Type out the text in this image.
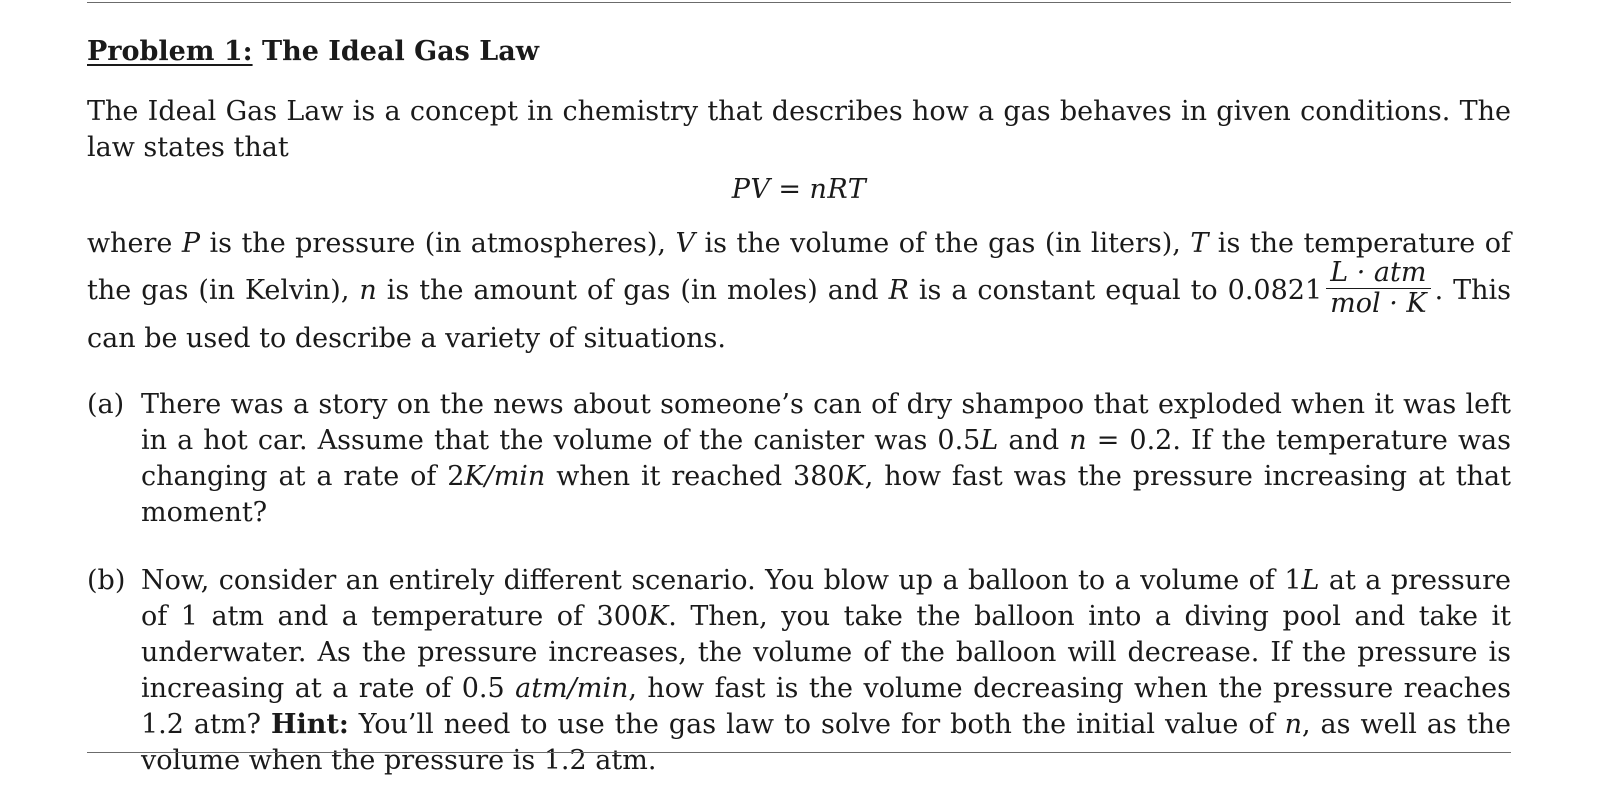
Problem 1: The Ideal Gas Law

The Ideal Gas Law is a concept in chemistry that describes how a gas behaves in given conditions. The law states that

PV = nRT

where P is the pressure (in atmospheres), V is the volume of the gas (in liters), T is the temperature of the gas (in Kelvin), n is the amount of gas (in moles) and R is a constant equal to $0.0821 \frac{\text{L · atm}}{\text{mol · K}}$ . This can be used to describe a variety of situations.

(a) There was a story on the news about someone’s can of dry shampoo that exploded when it was left in a hot car. Assume that the volume of the canister was 0.5L and n = 0.2. If the temperature was changing at a rate of 2K/min when it reached 380K, how fast was the pressure increasing at that moment?
(b) Now, consider an entirely different scenario. You blow up a balloon to a volume of 1L at a pressure of 1 atm and a temperature of 300K. Then, you take the balloon into a diving pool and take it underwater. As the pressure increases, the volume of the balloon will decrease. If the pressure is increasing at a rate of 0.5 atm/min, how fast is the volume decreasing when the pressure reaches 1.2 atm? Hint: You’ll need to use the gas law to solve for both the initial value of n, as well as the volume when the pressure is 1.2 atm.
